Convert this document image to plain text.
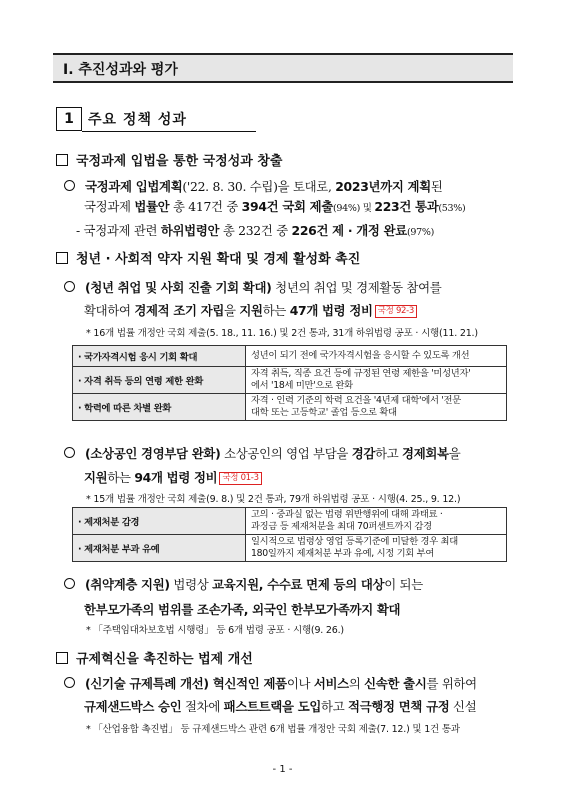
Ⅰ. 추진성과와 평가
1	주요 정책 성과
국정과제 입법을 통한 국정성과 창출
국정과제 입법계획('22. 8. 30. 수립)을 토대로, 2023년까지 계획된
국정과제 법률안 총 417건 중 394건 국회 제출(94%) 및 223건 통과(53%)
- 국정과제 관련 하위법령안 총 232건 중 226건 제 · 개정 완료(97%)
청년 · 사회적 약자 지원 확대 및 경제 활성화 촉진
(청년 취업 및 사회 진출 기회 확대) 청년의 취업 및 경제활동 참여를
확대하여 경제적 조기 자립을 지원하는 47개 법령 정비 국정 92-3
* 16개 법률 개정안 국회 제출(5. 18., 11. 16.) 및 2건 통과, 31개 하위법령 공포 · 시행(11. 21.)
· 국가자격시험 응시 기회 확대	성년이 되기 전에 국가자격시험을 응시할 수 있도록 개선
· 자격 취득 등의 연령 제한 완화	자격 취득, 직종 요건 등에 규정된 연령 제한을 '미성년자'
에서 '18세 미만'으로 완화
· 학력에 따른 차별 완화	자격 · 인력 기준의 학력 요건을 '4년제 대학'에서 '전문
대학 또는 고등학교' 졸업 등으로 확대
(소상공인 경영부담 완화) 소상공인의 영업 부담을 경감하고 경제회복을
지원하는 94개 법령 정비 국정 01-3
* 15개 법률 개정안 국회 제출(9. 8.) 및 2건 통과, 79개 하위법령 공포 · 시행(4. 25., 9. 12.)
· 제재처분 감경	고의 · 중과실 없는 법령 위반행위에 대해 과태료 ·
과징금 등 제재처분을 최대 70퍼센트까지 감경
· 제재처분 부과 유예	일시적으로 법령상 영업 등록기준에 미달한 경우 최대
180일까지 제재처분 부과 유예, 시정 기회 부여
(취약계층 지원) 법령상 교육지원, 수수료 면제 등의 대상이 되는
한부모가족의 범위를 조손가족, 외국인 한부모가족까지 확대
* 「주택임대차보호법 시행령」 등 6개 법령 공포 · 시행(9. 26.)
규제혁신을 촉진하는 법제 개선
(신기술 규제특례 개선) 혁신적인 제품이나 서비스의 신속한 출시를 위하여
규제샌드박스 승인 절차에 패스트트랙을 도입하고 적극행정 면책 규정 신설
* 「산업융합 촉진법」 등 규제샌드박스 관련 6개 법률 개정안 국회 제출(7. 12.) 및 1건 통과
- 1 -
